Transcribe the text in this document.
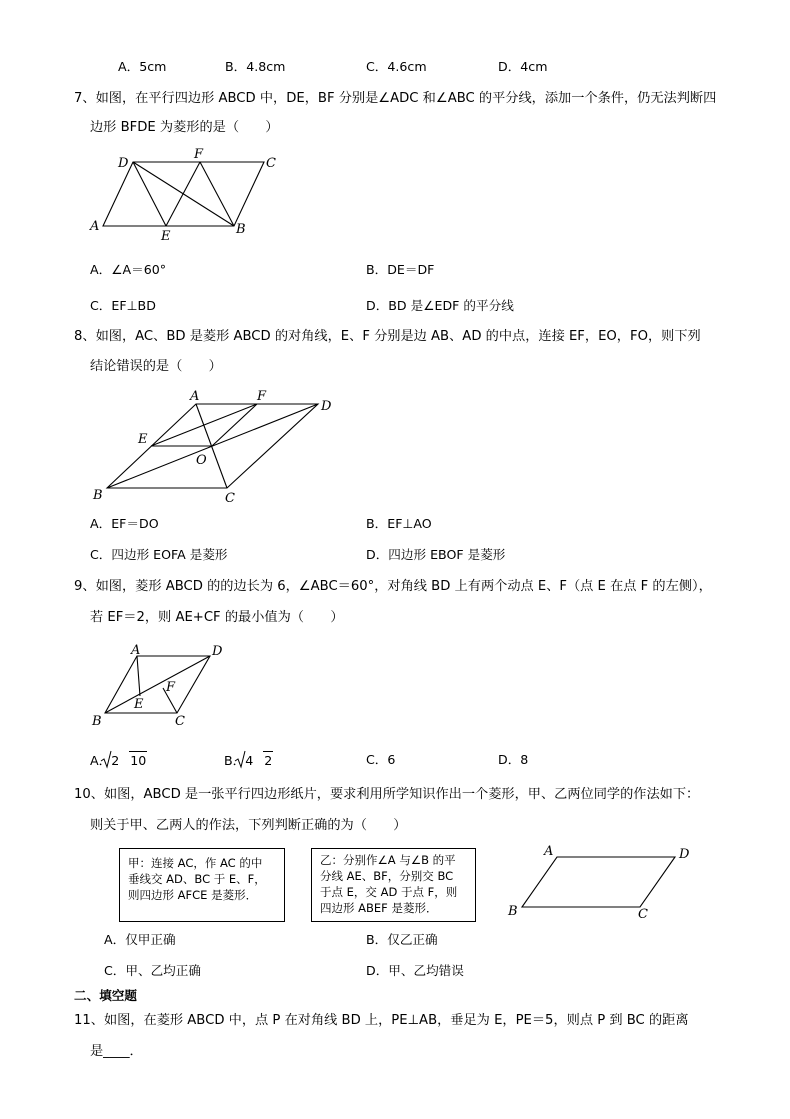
A．5cm	B．4.8cm	C．4.6cm	D．4cm
7、如图，在平行四边形 ABCD 中，DE，BF 分别是∠ADC 和∠ABC 的平分线，添加一个条件，仍无法判断四
边形 BFDE 为菱形的是（　　）
A	B
C
D
E
F
A．∠A＝60°	B．DE＝DF
C．EF⊥BD	D．BD 是∠EDF 的平分线
8、如图，AC、BD 是菱形 ABCD 的对角线，E、F 分别是边 AB、AD 的中点，连接 EF，EO，FO，则下列
结论错误的是（　　）
A
B	C
D
E
F
O
A．EF＝DO	B．EF⊥AO
C．四边形 EOFA 是菱形	D．四边形 EBOF 是菱形
9、如图，菱形 ABCD 的的边长为 6，∠ABC＝60°，对角线 BD 上有两个动点 E、F（点 E 在点 F 的左侧），
若 EF＝2，则 AE+CF 的最小值为（　　）
A
B	C
D
E
F
A．2 10	B．4 2	C．6	D．8
10、如图，ABCD 是一张平行四边形纸片，要求利用所学知识作出一个菱形，甲、乙两位同学的作法如下：
则关于甲、乙两人的作法，下列判断正确的为（　　）
甲：连接 AC，作 AC 的中
垂线交 AD、BC 于 E、F，
则四边形 AFCE 是菱形．
乙：分别作∠A 与∠B 的平
分线 AE、BF，分别交 BC
于点 E，交 AD 于点 F，则
四边形 ABEF 是菱形．
A
B	C
D
A．仅甲正确	B．仅乙正确
C．甲、乙均正确	D．甲、乙均错误
二、填空题
11、如图，在菱形 ABCD 中，点 P 在对角线 BD 上，PE⊥AB，垂足为 E，PE＝5，则点 P 到 BC 的距离
是____．
